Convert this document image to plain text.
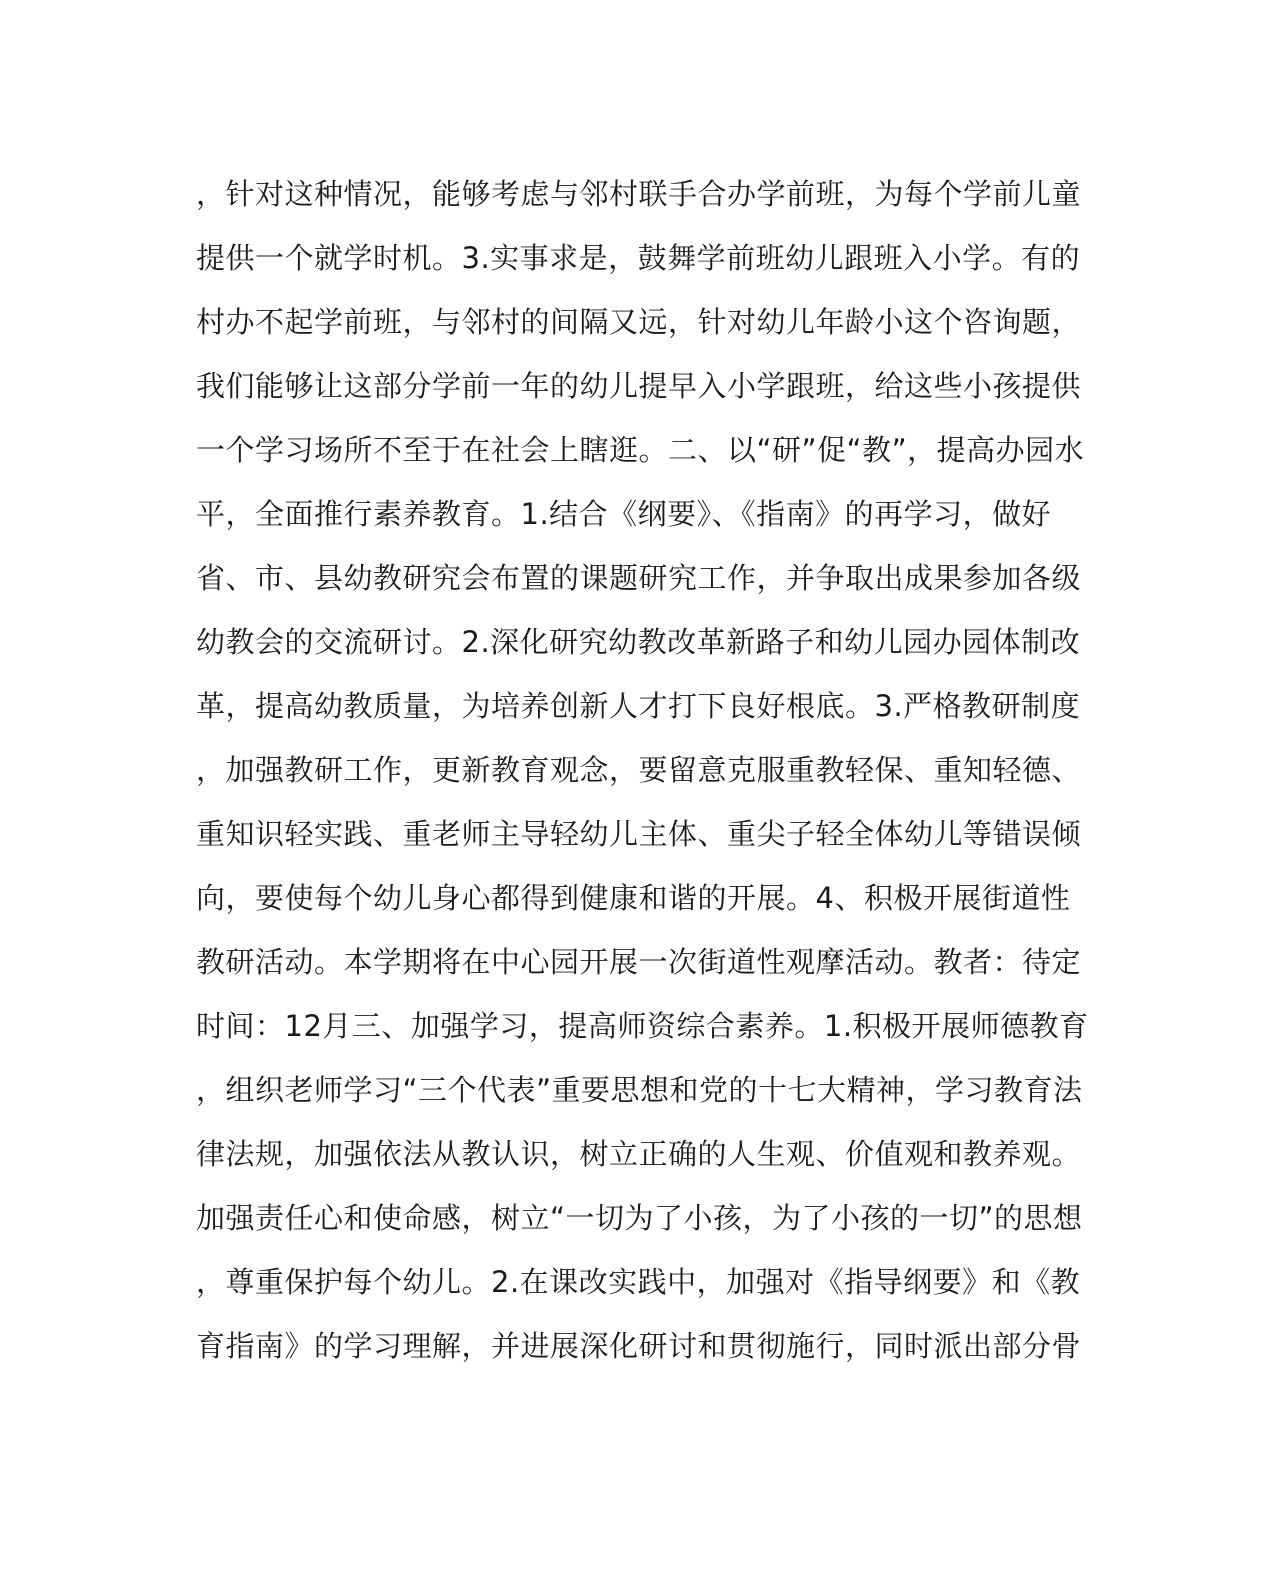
，针对这种情况，能够考虑与邻村联手合办学前班，为每个学前儿童
提供一个就学时机。3.实事求是，鼓舞学前班幼儿跟班入小学。有的
村办不起学前班，与邻村的间隔又远，针对幼儿年龄小这个咨询题，
我们能够让这部分学前一年的幼儿提早入小学跟班，给这些小孩提供
一个学习场所不至于在社会上瞎逛。二、以“研”促“教”，提高办园水
平，全面推行素养教育。1.结合《纲要》、《指南》的再学习，做好
省、市、县幼教研究会布置的课题研究工作，并争取出成果参加各级
幼教会的交流研讨。2.深化研究幼教改革新路子和幼儿园办园体制改
革，提高幼教质量，为培养创新人才打下良好根底。3.严格教研制度
，加强教研工作，更新教育观念，要留意克服重教轻保、重知轻德、
重知识轻实践、重老师主导轻幼儿主体、重尖子轻全体幼儿等错误倾
向，要使每个幼儿身心都得到健康和谐的开展。4、积极开展街道性
教研活动。本学期将在中心园开展一次街道性观摩活动。教者：待定
时间：12月三、加强学习，提高师资综合素养。1.积极开展师德教育
，组织老师学习“三个代表”重要思想和党的十七大精神，学习教育法
律法规，加强依法从教认识，树立正确的人生观、价值观和教养观。
加强责任心和使命感，树立“一切为了小孩，为了小孩的一切”的思想
，尊重保护每个幼儿。2.在课改实践中，加强对《指导纲要》和《教
育指南》的学习理解，并进展深化研讨和贯彻施行，同时派出部分骨
